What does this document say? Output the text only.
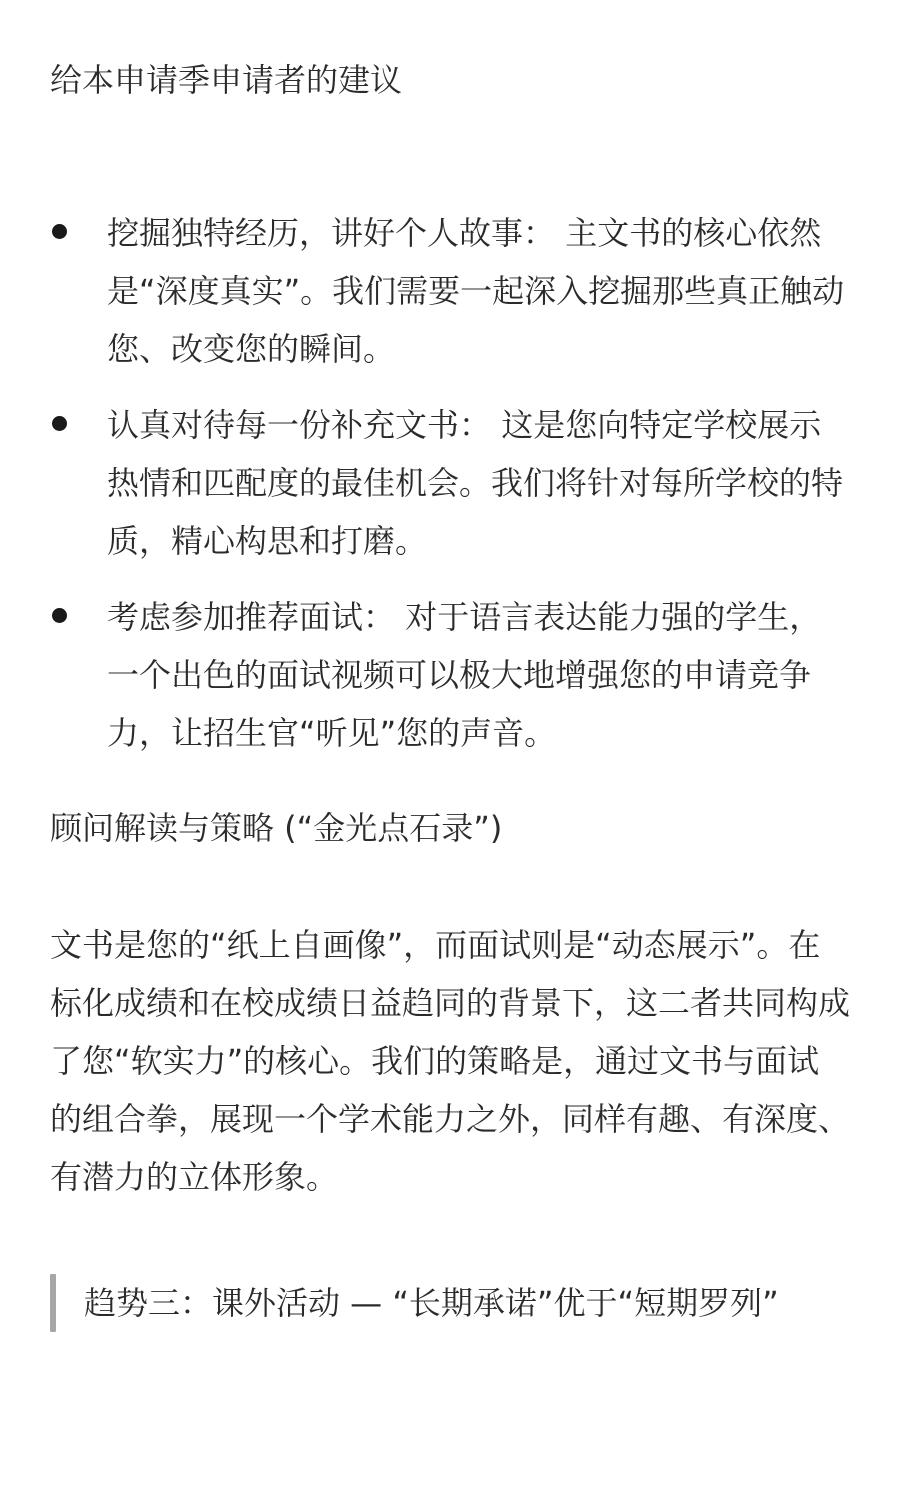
给本申请季申请者的建议
挖掘独特经历，讲好个人故事： 主文书的核心依然是“深度真实”。我们需要一起深入挖掘那些真正触动您、改变您的瞬间。
认真对待每一份补充文书： 这是您向特定学校展示热情和匹配度的最佳机会。我们将针对每所学校的特质，精心构思和打磨。
考虑参加推荐面试： 对于语言表达能力强的学生，一个出色的面试视频可以极大地增强您的申请竞争力，让招生官“听见”您的声音。
顾问解读与策略 (“金光点石录”)

文书是您的“纸上自画像”，而面试则是“动态展示”。在标化成绩和在校成绩日益趋同的背景下，这二者共同构成了您“软实力”的核心。我们的策略是，通过文书与面试的组合拳，展现一个学术能力之外，同样有趣、有深度、有潜力的立体形象。

趋势三：课外活动 — “长期承诺”优于“短期罗列”
